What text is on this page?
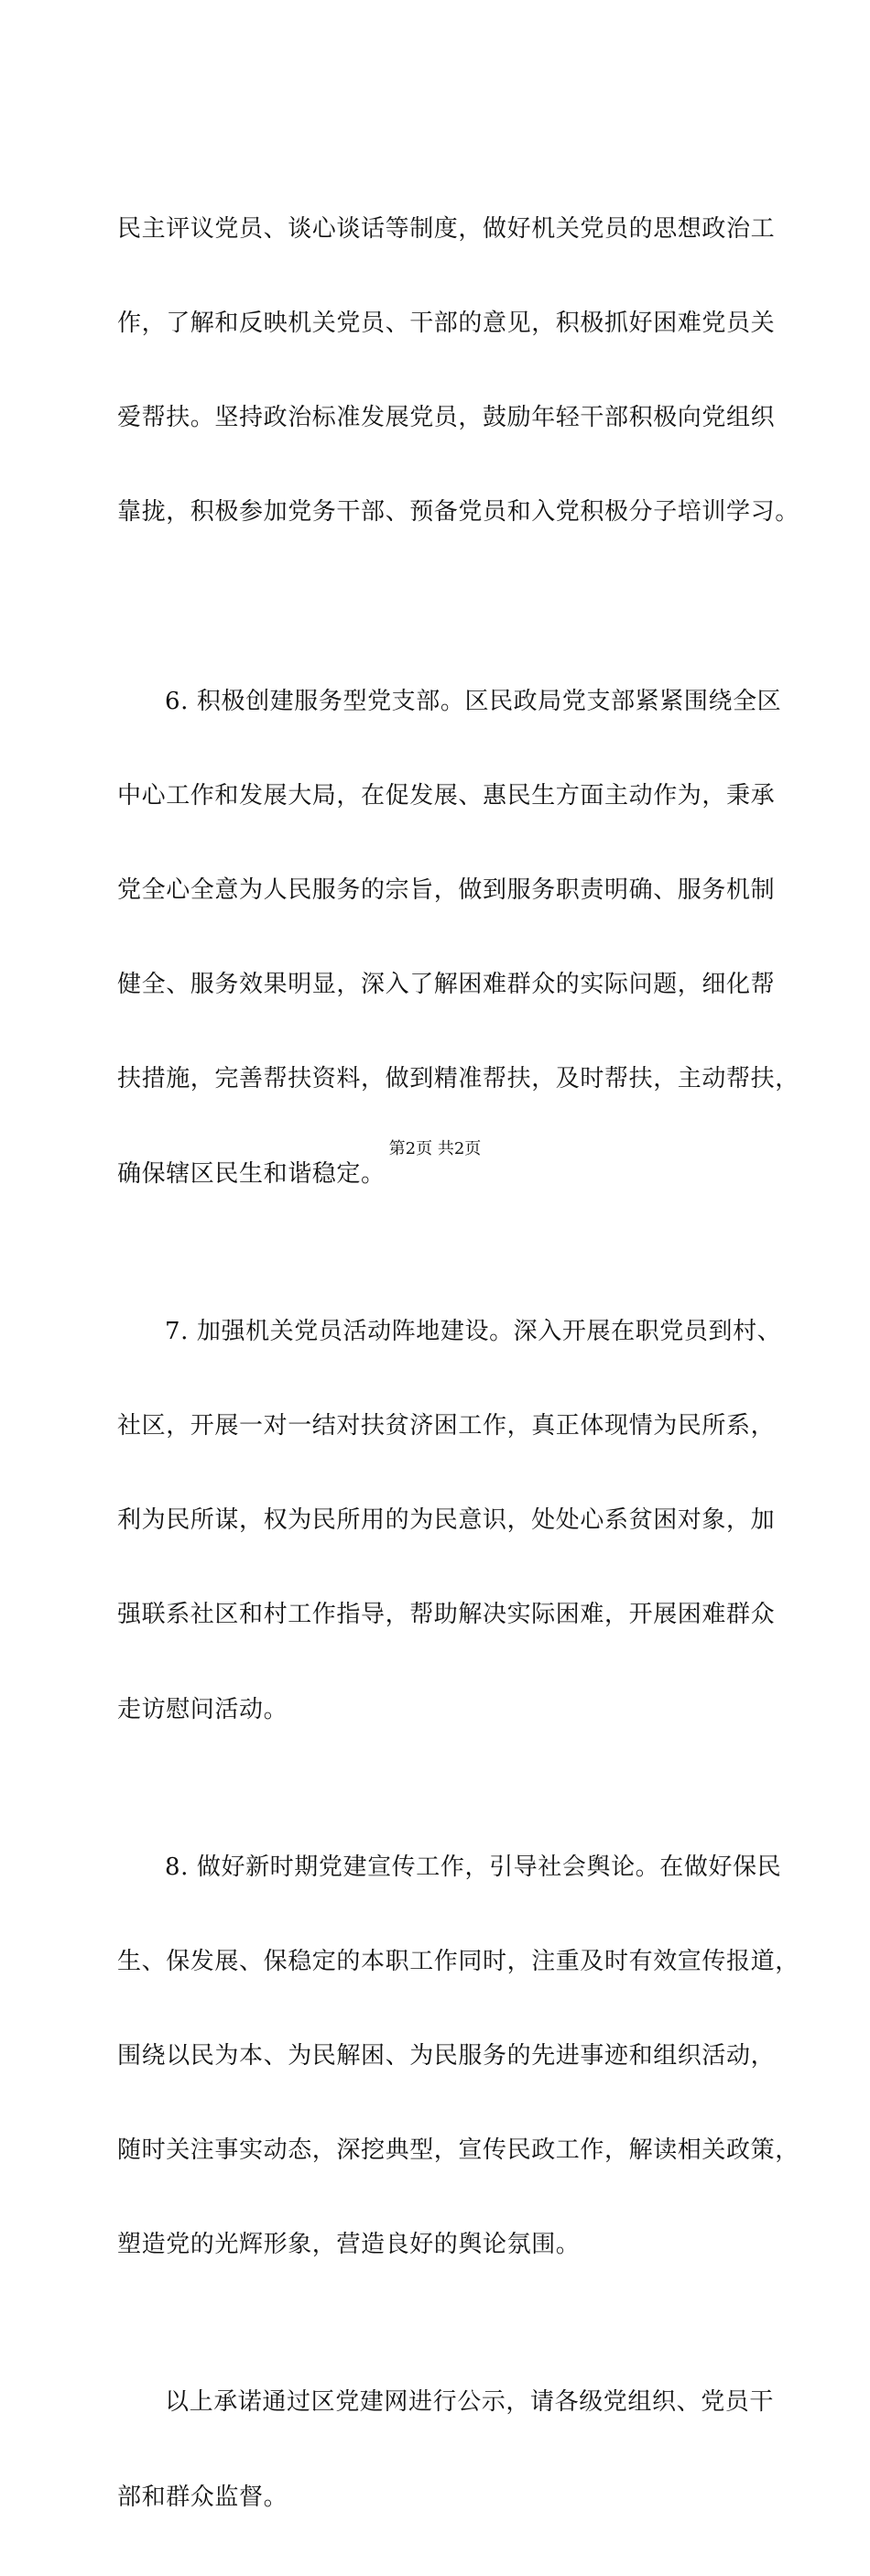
民主评议党员、谈心谈话等制度，做好机关党员的思想政治工

作，了解和反映机关党员、干部的意见，积极抓好困难党员关

爱帮扶。坚持政治标准发展党员，鼓励年轻干部积极向党组织

靠拢，积极参加党务干部、预备党员和入党积极分子培训学习。

6. 积极创建服务型党支部。区民政局党支部紧紧围绕全区

中心工作和发展大局，在促发展、惠民生方面主动作为，秉承

党全心全意为人民服务的宗旨，做到服务职责明确、服务机制

健全、服务效果明显，深入了解困难群众的实际问题，细化帮

扶措施，完善帮扶资料，做到精准帮扶，及时帮扶，主动帮扶，

确保辖区民生和谐稳定。

7. 加强机关党员活动阵地建设。深入开展在职党员到村、

社区，开展一对一结对扶贫济困工作，真正体现情为民所系，

利为民所谋，权为民所用的为民意识，处处心系贫困对象，加

强联系社区和村工作指导，帮助解决实际困难，开展困难群众

走访慰问活动。

8. 做好新时期党建宣传工作，引导社会舆论。在做好保民

生、保发展、保稳定的本职工作同时，注重及时有效宣传报道，

围绕以民为本、为民解困、为民服务的先进事迹和组织活动，

随时关注事实动态，深挖典型，宣传民政工作，解读相关政策，

塑造党的光辉形象，营造良好的舆论氛围。

以上承诺通过区党建网进行公示，请各级党组织、党员干

部和群众监督。

第2页 共2页
